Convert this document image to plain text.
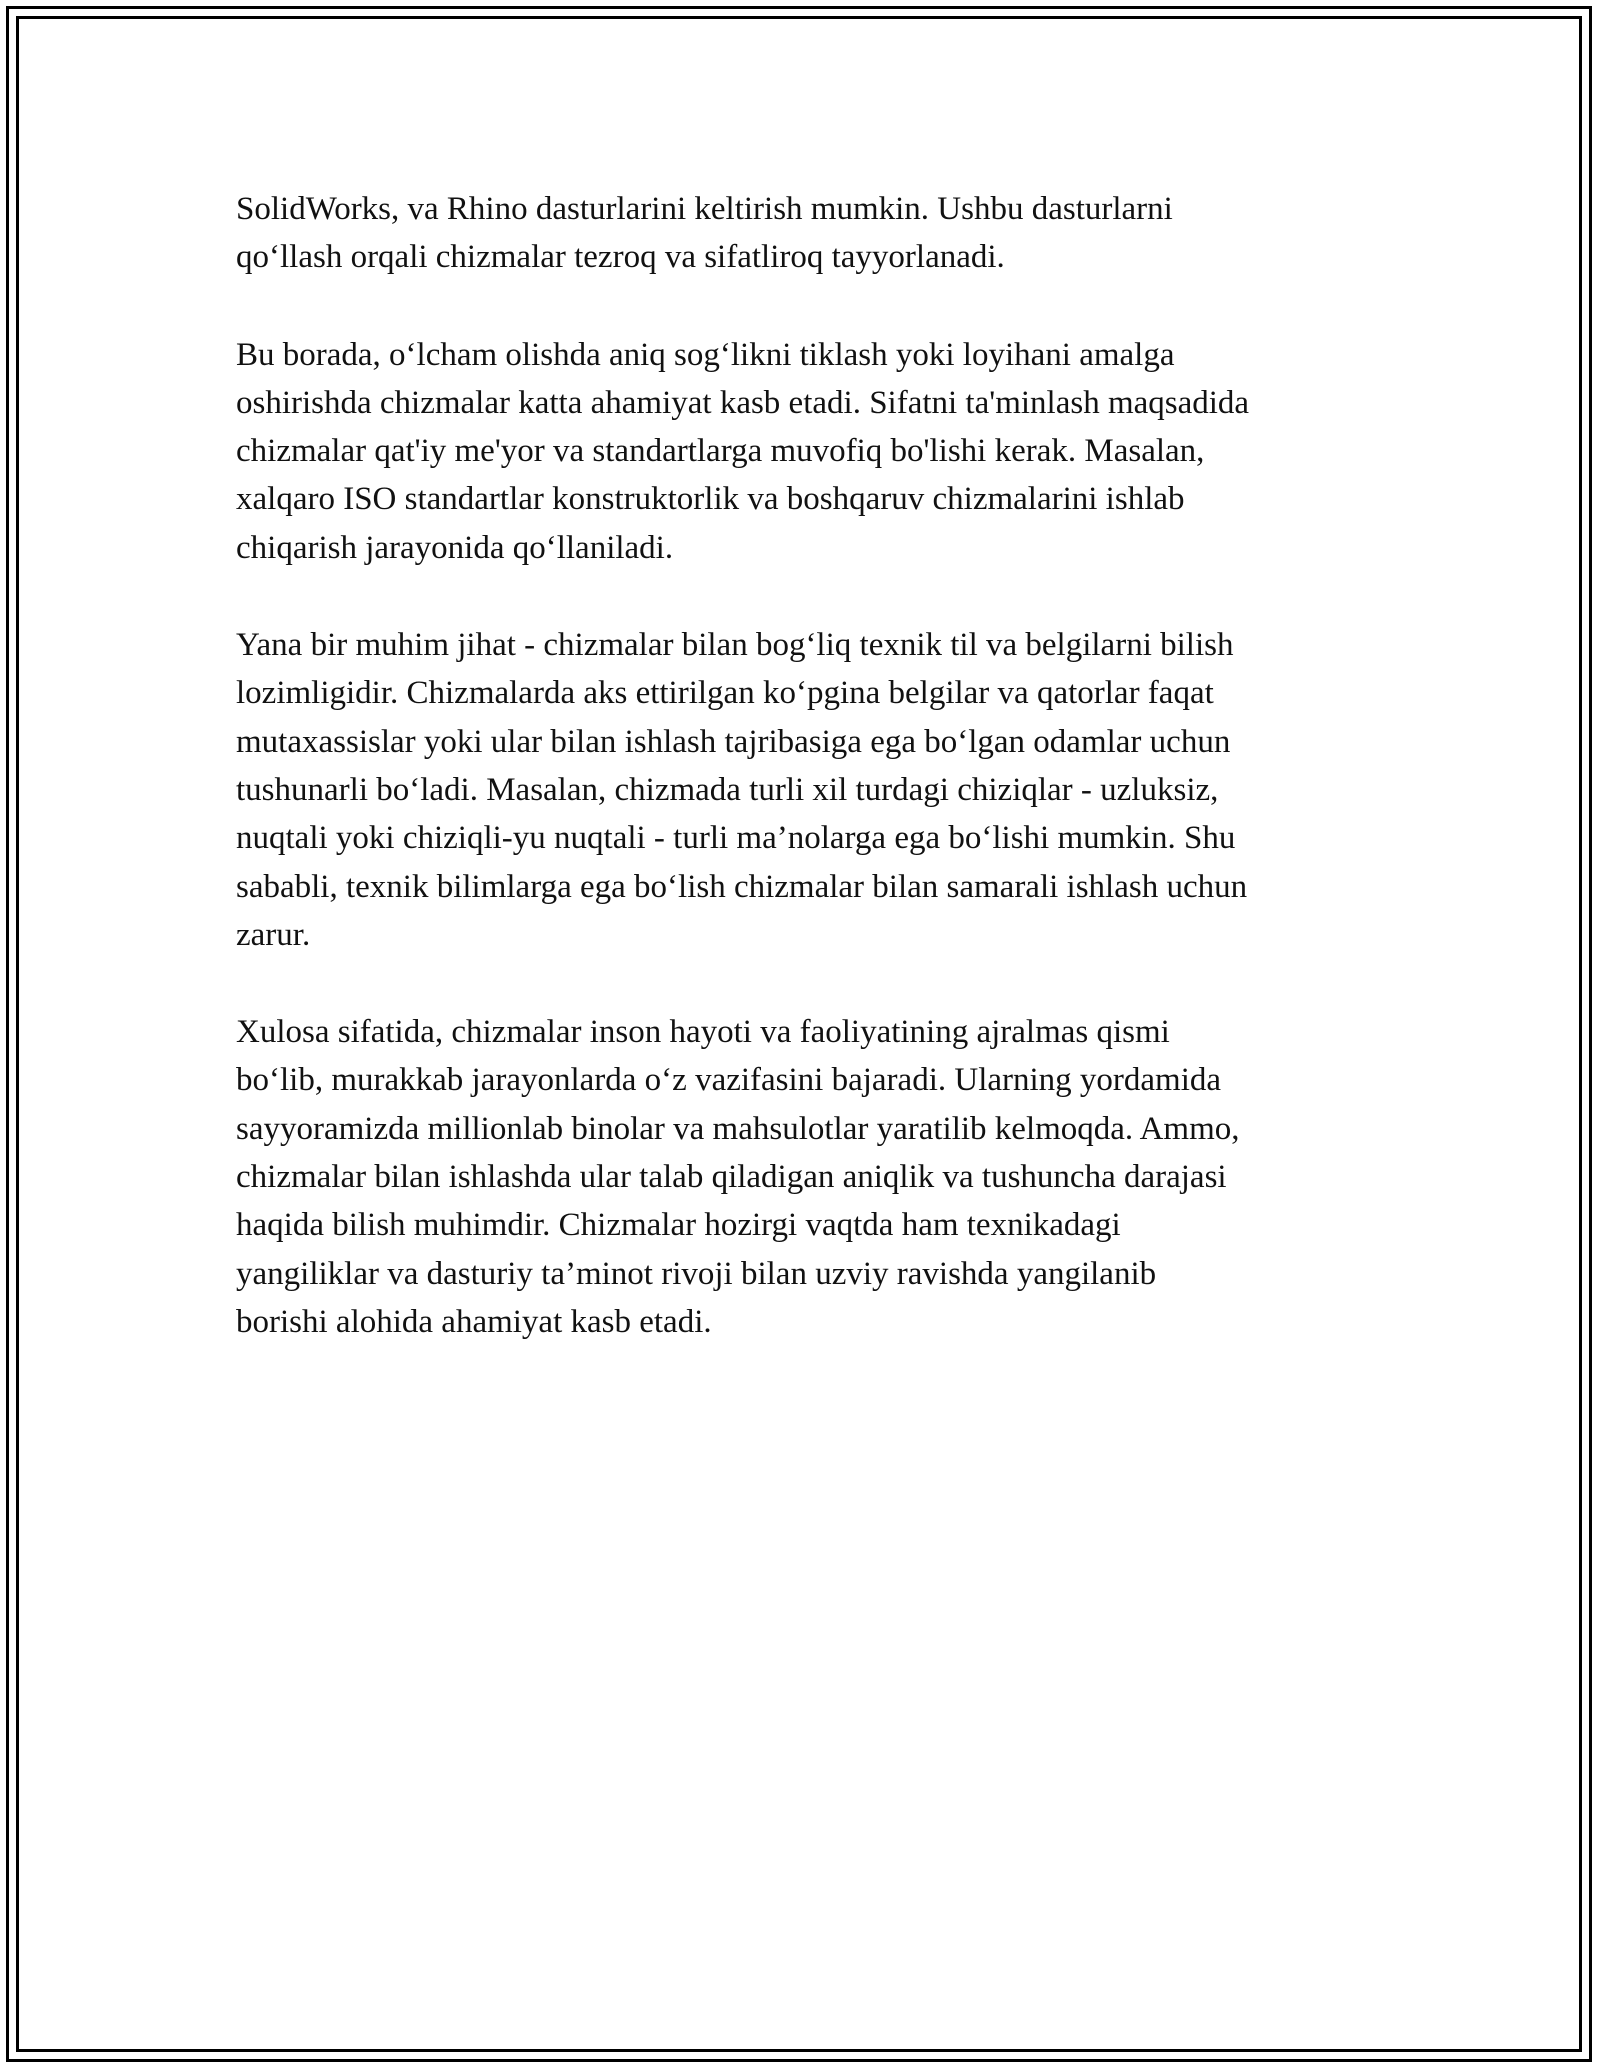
SolidWorks, va Rhino dasturlarini keltirish mumkin. Ushbu dasturlarni
qo‘llash orqali chizmalar tezroq va sifatliroq tayyorlanadi.

Bu borada, o‘lcham olishda aniq sog‘likni tiklash yoki loyihani amalga
oshirishda chizmalar katta ahamiyat kasb etadi. Sifatni ta'minlash maqsadida
chizmalar qat'iy me'yor va standartlarga muvofiq bo'lishi kerak. Masalan,
xalqaro ISO standartlar konstruktorlik va boshqaruv chizmalarini ishlab
chiqarish jarayonida qo‘llaniladi.

Yana bir muhim jihat - chizmalar bilan bog‘liq texnik til va belgilarni bilish
lozimligidir. Chizmalarda aks ettirilgan ko‘pgina belgilar va qatorlar faqat
mutaxassislar yoki ular bilan ishlash tajribasiga ega bo‘lgan odamlar uchun
tushunarli bo‘ladi. Masalan, chizmada turli xil turdagi chiziqlar - uzluksiz,
nuqtali yoki chiziqli-yu nuqtali - turli ma’nolarga ega bo‘lishi mumkin. Shu
sababli, texnik bilimlarga ega bo‘lish chizmalar bilan samarali ishlash uchun
zarur.

Xulosa sifatida, chizmalar inson hayoti va faoliyatining ajralmas qismi
bo‘lib, murakkab jarayonlarda o‘z vazifasini bajaradi. Ularning yordamida
sayyoramizda millionlab binolar va mahsulotlar yaratilib kelmoqda. Ammo,
chizmalar bilan ishlashda ular talab qiladigan aniqlik va tushuncha darajasi
haqida bilish muhimdir. Chizmalar hozirgi vaqtda ham texnikadagi
yangiliklar va dasturiy ta’minot rivoji bilan uzviy ravishda yangilanib
borishi alohida ahamiyat kasb etadi.
